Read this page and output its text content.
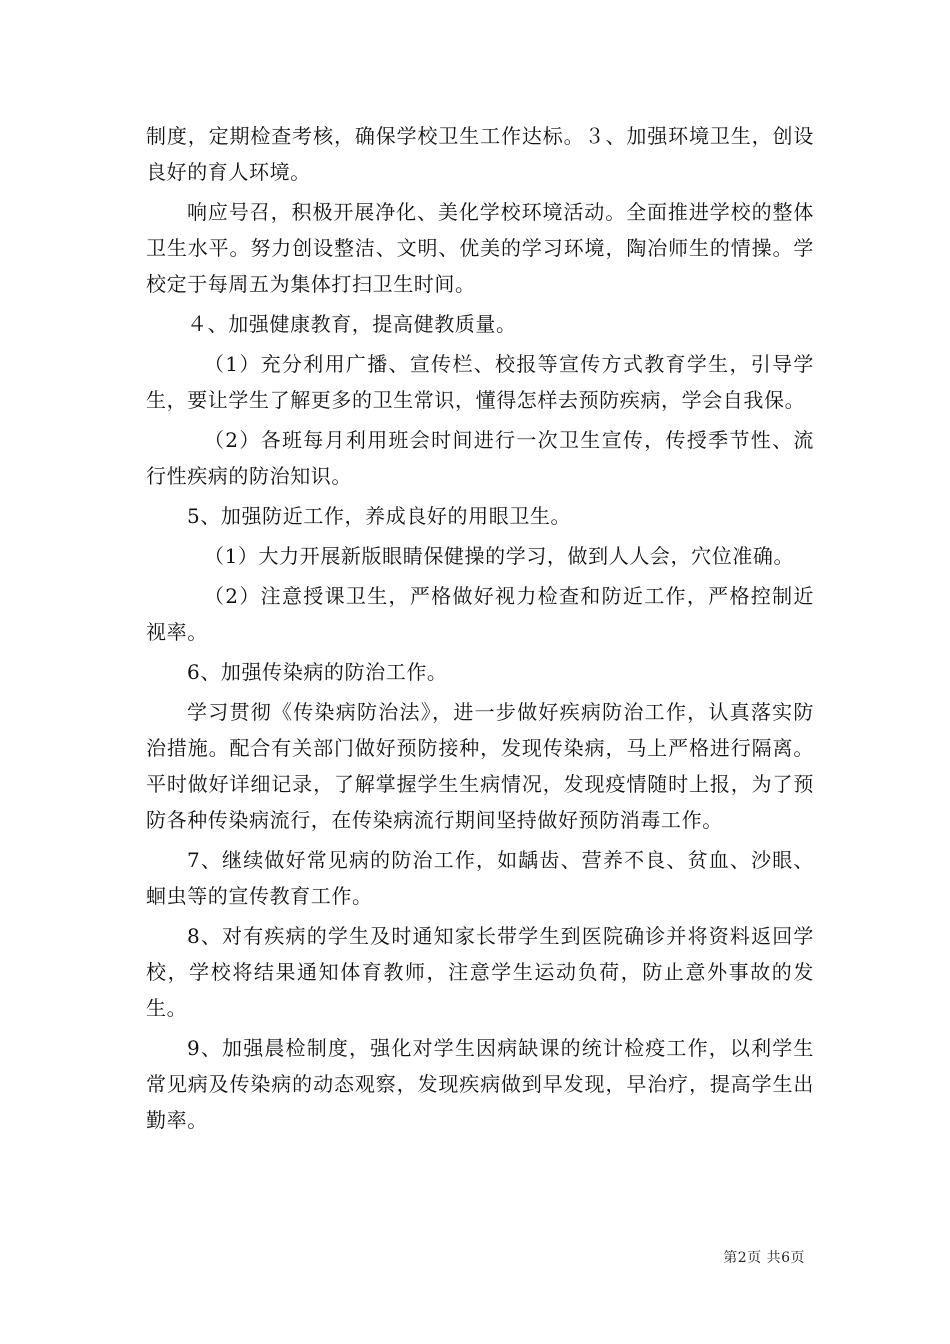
制度，定期检查考核，确保学校卫生工作达标。３、加强环境卫生，创设良好的育人环境。

响应号召，积极开展净化、美化学校环境活动。全面推进学校的整体卫生水平。努力创设整洁、文明、优美的学习环境，陶冶师生的情操。学校定于每周五为集体打扫卫生时间。

４、加强健康教育，提高健教质量。

（1）充分利用广播、宣传栏、校报等宣传方式教育学生，引导学生，要让学生了解更多的卫生常识，懂得怎样去预防疾病，学会自我保。

（2）各班每月利用班会时间进行一次卫生宣传，传授季节性、流行性疾病的防治知识。

5、加强防近工作，养成良好的用眼卫生。

（1）大力开展新版眼睛保健操的学习，做到人人会，穴位准确。

（2）注意授课卫生，严格做好视力检查和防近工作，严格控制近视率。

6、加强传染病的防治工作。

学习贯彻《传染病防治法》，进一步做好疾病防治工作，认真落实防治措施。配合有关部门做好预防接种，发现传染病，马上严格进行隔离。平时做好详细记录，了解掌握学生生病情况，发现疫情随时上报，为了预防各种传染病流行，在传染病流行期间坚持做好预防消毒工作。

7、继续做好常见病的防治工作，如龋齿、营养不良、贫血、沙眼、蛔虫等的宣传教育工作。

8、对有疾病的学生及时通知家长带学生到医院确诊并将资料返回学校，学校将结果通知体育教师，注意学生运动负荷，防止意外事故的发生。

9、加强晨检制度，强化对学生因病缺课的统计检疫工作，以利学生常见病及传染病的动态观察，发现疾病做到早发现，早治疗，提高学生出勤率。

第2页 共6页
